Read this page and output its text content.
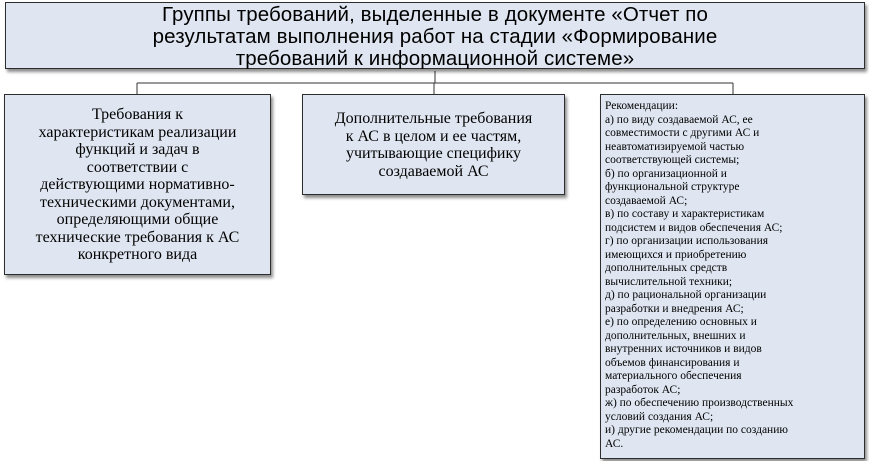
Группы требований, выделенные в документе «Отчет по
результатам выполнения работ на стадии «Формирование
требований к информационной системе»
Требования к
характеристикам реализации
функций и задач в
соответствии с
действующими нормативно-
техническими документами,
определяющими общие
технические требования к АС
конкретного вида
Дополнительные требования
к АС в целом и ее частям,
учитывающие специфику
создаваемой АС
Рекомендации:
а) по виду создаваемой АС, ее
совместимости с другими АС и
неавтоматизируемой частью
соответствующей системы;
б) по организационной и
функциональной структуре
создаваемой АС;
в) по составу и характеристикам
подсистем и видов обеспечения АС;
г) по организации использования
имеющихся и приобретению
дополнительных средств
вычислительной техники;
д) по рациональной организации
разработки и внедрения АС;
е) по определению основных и
дополнительных, внешних и
внутренних источников и видов
объемов финансирования и
материального обеспечения
разработок АС;
ж) по обеспечению производственных
условий создания АС;
и) другие рекомендации по созданию
АС.
